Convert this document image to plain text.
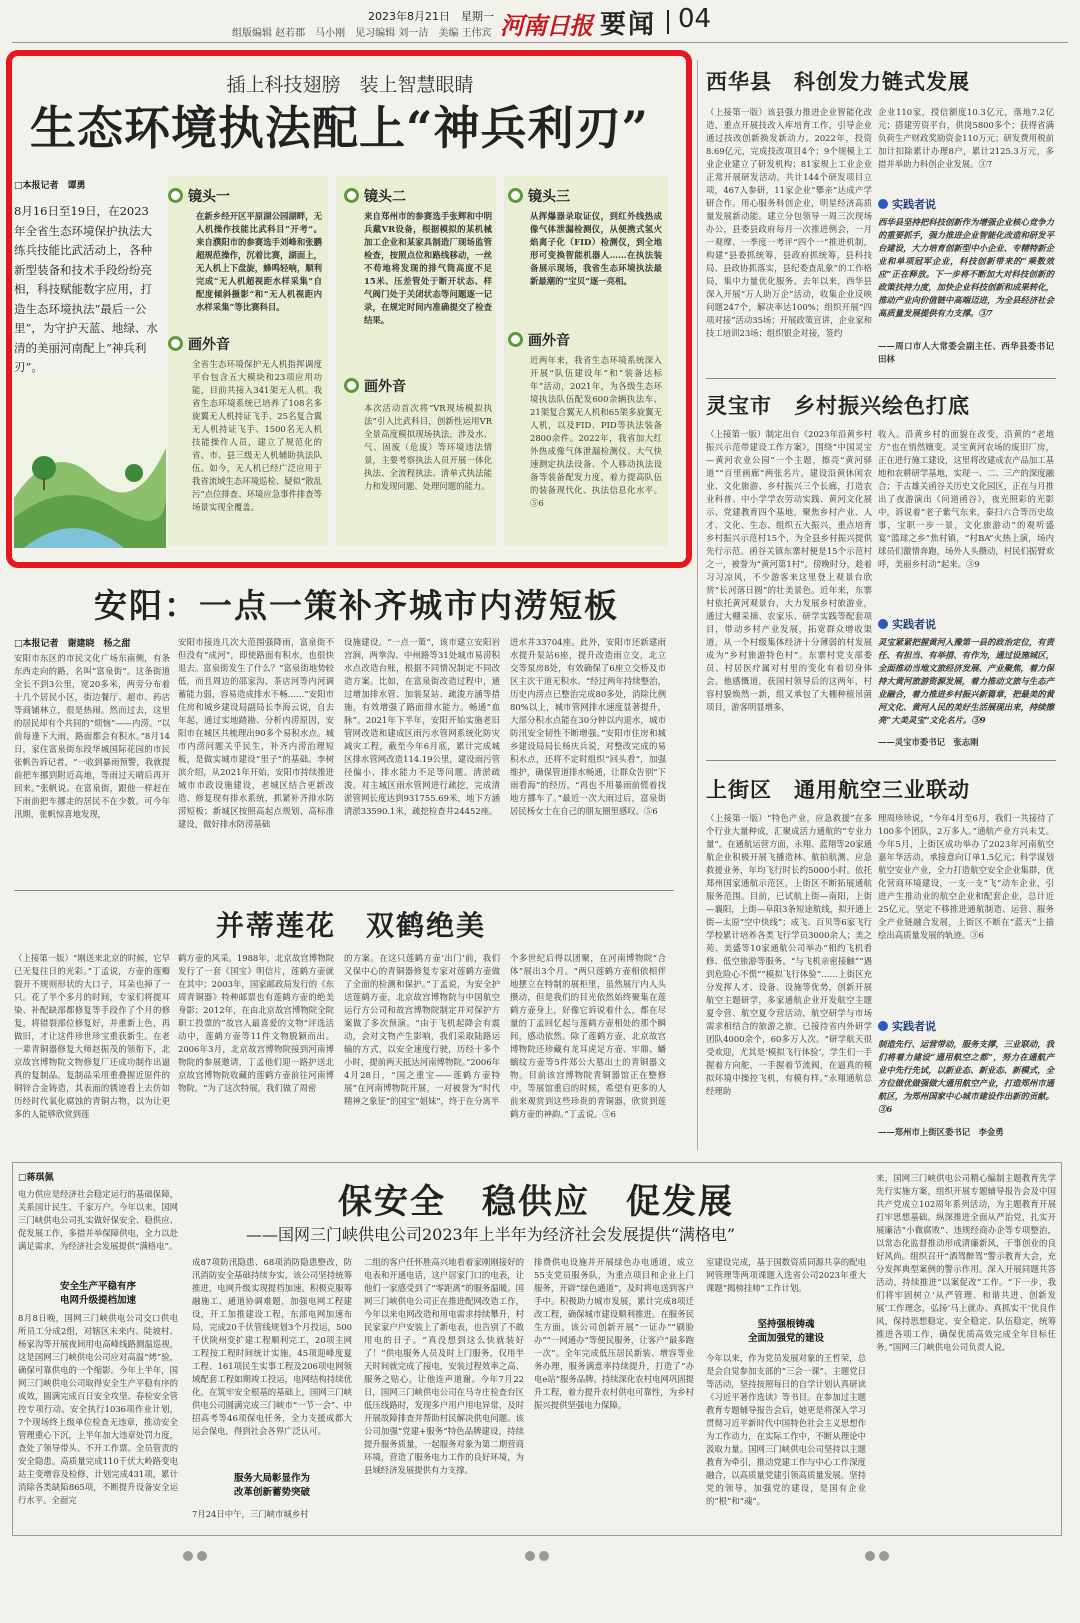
2023年8月21日　星期一
组版编辑 赵若郡　马小刚　见习编辑 刘一洁　美编 王伟宾 河南日报 要闻 04
插上科技翅膀　装上智慧眼睛
生态环境执法配上“神兵利刃”
□本报记者　谭勇
8月16日至19日，在2023年全省生态环境保护执法大练兵技能比武活动上，各种新型装备和技术手段纷纷亮相，科技赋能数字应用，打造生态环境执法“最后一公里”，为守护天蓝、地绿、水清的美丽河南配上“神兵利刃”。
镜头一
在新乡经开区平原湖公园湖畔，无人机操作技能比武科目“开考”。来自濮阳市的参赛选手刘峰和张鹏超规范操作，沉着比赛，湖面上，无人机上下盘旋，蜂鸣轻响，顺利完成“无人机超视距水样采集”自配度倾斜摄影“和”无人机视距内水样采集“等比赛科目。
画外音
全省生态环境保护无人机指挥调度平台包含五大模块和23项应用功能，目前共接入341架无人机。我省生态环境系统已培养了108名多旋翼无人机持证飞手、25名复合翼无人机持证飞手、1500名无人机技能操作人员，建立了规范化的省、市、县三级无人机辅助执法队伍。如今，无人机已经广泛应用于我省流域生态环境巡检、疑似“散乱污”点位排查、环境应急事件排查等场景实现全覆盖。
镜头二
来自郑州市的参赛选手张辉和中明兵戴VR设备，根据模拟的某机械加工企业和某家具制造厂现场监管检查，按照点位和路线移动，一丝不苟地将发现的排气筒高度不足15米、压差管处于断开状态、样气阀门处于关闭状态等问题逐一记录，在规定时间内准确提交了检查结果。
画外音
本次活动首次将“VR现场模拟执法”引入比武科目，创新性运用VR全景高度模拟现场执法，涉及水、气、固废（危废）等环境违法情景，主要考察执法人员开展一体化执法、全流程执法、清单式执法能力和发现问题、处理问题的能力。
镜头三
从挥爆器录取证仪，到红外线热成像气体泄漏检测仪，从便携式氢火焰离子化（FID）检测仪，到全地形可变换智能机器人……在执法装备展示现场，我省生态环境执法最新最潮的“宝贝”逐一亮相。
画外音
近两年来，我省生态环境系统深入开展“队伍建设年”和“装备达标年”活动，2021年，为各级生态环境执法队伍配发600余辆执法车、21架复合翼无人机和65架多旋翼无人机，以及FID、PID等执法装备2800余件。2022年，我省加大红外热成像气体泄漏检测仪、大气快速测定执法设备、个人移动执法设备等装备配发力度，着力提高队伍的装备现代化、执法信息化水平。⑤6
安阳：一点一策补齐城市内涝短板
□本报记者　谢建晓　杨之甜
安阳市东区的市民文化广场东南侧，有条东西走向的路，名叫“富泉街”。这条街道全长不到3公里，宽20多米，两旁分布着十几个居民小区，街边餐厅、超市、药店等商铺林立，很是热闹。然而过去，这里的居民却有个共同的“烦恼”——内涝。“以前每逢下大雨，路面都会有积水。”8月14日，家住富泉街东段华城国际花园的市民张帆告诉记者，“一收到暴雨预警，我就提前把车挪到附近高地，等雨过天晴后再开回来。”张帆说。在富泉街，跟他一样赶在下雨前把车挪走的居民不在少数。可今年汛期，张帆惊喜地发现，
安阳市接连几次大范围强降雨，富泉街不但没有“成河”，即使路面有积水，也很快退去。富泉街发生了什么？“富泉街地势较低，而且周边的邵家沟、茶店河等内河调蓄能力弱，容易造成排水不畅……”安阳市住房和城乡建设局副局长李海云说，自去年起，通过实地踏勘、分析内涝原因，安阳市在城区共梳理出90多个易积水点。城市内涝问题关乎民生，补齐内涝治理短板，是做实城市建设“里子”的基础。李树滨介绍，从2021年开始，安阳市持续推进城市市政设施建设，老城区结合更新改造、修复现有排水系统，抓紧补齐排水防涝短板；新城区按照高起点规划、高标准建设，做好排水防涝基础
设施建设。“一点一策”，该市建立安阳岩宫涧，两拳沟、中州路等31处城市易涝积水点改造台账，根据不同情况制定不同改造方案。比如，在富泉街改造过程中，通过增加排水管、加装泵站、疏浚方涵等措施，有效增强了路面排水能力。畅通“血脉”。2021年下半年，安阳开始实施老旧管网改造和建成区雨污水管网系统化防灾减灾工程，截至今年6月底，累计完成城区排水管网改造114.19公里，建设雨污管径偏小、排水能力不足等问题。清淤疏浚。对主城区雨水管网进行疏挖，完成清淤管网长度达到931755.69米，地下方涵清淤33590.1米，疏挖检查井24452座。
进水井33704座。此外，安阳市还新建雨水提升泵站6座，提升改造雨立交，北立交等泵房8处，有效确保了6座立交桥及市区主次干道无积水。“经过两年持续整治，历史内涝点已整治完成80多处，消除比例80%以上，城市管网排水速度显著提升，大部分积水点能在30分钟以内退水，城市防汛安全韧性不断增强。”安阳市住房和城乡建设局局长杨庆兵说，对整改完成的易积水点，还将不定时组织“回头看”，加强维护，确保管道排水畅通，让群众告别“下雨看海”的经历。“再也不用暴雨前慌着找地方挪车了。”最近一次大雨过后，富泉街居民杨女士在自己的朋友圈里感叹。⑤6
并蒂莲花　双鹤绝美
（上接第一版）“刚送来北京的时候，它早已无复往日的光彩。”丁孟说，方壶的莲瓣裂开不规则形状的大口子，耳朵也掉了一只。花了半个多月的时间，专家们将提耳染、补配缺部都修复等手段作了个月的修复，将错裂部位修复好，并重新上色，再做旧，才让这件珍世珍宝重获新生。在老一辈青铜器修复大师赵振茂的领衔下，北京故宫博物院文物修复厂还成功制作出逼真的复制品。复制品采用重叠握近原件的铜锌合金铸造，其表面的锈迹看上去仿如历经时代氧化腐蚀的青铜古物，以为让更多的人能够欣赏到莲
鹤方壶的风采。1988年，北京故宫博物院发行了一套《国宝》明信片，莲鹤方壶就在其中；2003年，国家邮政局发行的《东周青铜器》特种邮票也有莲鹤方壶的绝美身影；2012年，在由北京故宫博物院全院职工投票的“故宫人最喜爱的文物”评选活动中，莲鹤方壶等11件文物脱颖而出。2006年3月，北京故宫博物院接到河南博物院的参展邀请，丁孟他们迎一路护送北京故宫博物院收藏的莲鹤方壶前往河南博物院。“为了这次特展，我们做了周密
的方案。在这只莲鹤方壶‘出门’前，我们又保中心的青铜器修复专家对莲鹤方壶做了全面的检测和保护。”丁孟说，为安全护送莲鹤方壶，北京故宫博物院与中国航空运行方公司和故宫博物院制定并对保护方案做了多次预演。“由于飞机起降会有震动，会对文物产生影响，我们采取陆路运输的方式，以安全速度行驶，历经十多个小时，提前两天抵达河南博物院。”2006年4月28日，“国之重宝——莲鹤方壶特展”在河南博物院开展，一对被誉为“时代精神之象征”的国宝“姐妹”，终于在分离半
个多世纪后得以团聚，在河南博物院“合体”展出3个月。“两只莲鹤方壶相依相伴地摆立在特制的展柜里，虽然展厅内人头攒动，但是我们的目光依然始终聚集在莲鹤方壶身上，好像它诉说着什么，都在尽量的丁孟回忆起与莲鹤方壶相处的那个瞬间，感动依然。除了莲鹤方壶，北京故宫博物院还珍藏有龙耳虎足方壶、牢鼎、蟠螭纹方壶等5件郑公大墓出土的青铜器文物。目前该宫博物院青铜器馆正在整修中，等展馆重启的时候，希望有更多的人前来观赏到这些珍贵的青铜器，欣赏到莲鹤方壶的神韵。”丁孟说。⑤6
西华县　科创发力链式发展
（上接第一版）该县强力推进企业智能化改造，重点开展技改入库培育工作，引导企业通过技改创新换发新动力。2022年，投资8.69亿元，完成技改项目4个；9个规模上工业企业建立了研发机构；81家规上工业企业正常开展研发活动，共计144个研发项目立项，467人参研，11家企业“攀亲”达成产学研合作。用心服务科创企业，明星经济高质量发展新动能。建立分包领导一周三次现场办公，县委县政府每月一次推进例会，一月一观摩、一季度一考评“四个一”推进机制，构建“县委抓统筹，县政府抓统筹，县科技局、县政协抓落实，县纪委查乱象”的工作格局，集中力量优化服务。去年以来，西华县深入开展“万人助万企”活动，收集企业反映问题247个，解决率达100%；组织开展“四项对接”活动35场；开展政策宣讲，企业家和技工培训23场；组织银企对接，签约
企业110家，授信额度10.3亿元，落地7.2亿元；搭建劳资平台，供岗5800多个；获得省满负荷生产财政奖励资金110万元；研发费用税前加计扣除累计办理8户，累计2125.3万元，多措并举助力科创企业发展。③7
实践者说
西华县坚持把科技创新作为增强企业核心竞争力的重要抓手，强力推进企业智能化改造和研发平台建设，大力培育创新型中小企业、专精特新企业和单项冠军企业，科技创新带来的“乘数效应”正在释放。下一步将不断加大对科技创新的政策扶持力度，加快企业科技创新和成果转化，推动产业向价值链中高端迈进，为全县经济社会高质量发展提供有力支撑。③7
——周口市人大常委会副主任、西华县委书记　田林
灵宝市　乡村振兴绘色打底
（上接第一版）制定出台《2023年沿黄乡村振兴示范带建设工作方案》，围绕“中国灵宝—黄河农业公园”一个主题，擦亮“黄河驿道”“百里画廊”两张名片，建设沿黄休闲农业、文化旅游、乡村振兴三个长廊，打造农业科普、中小学学农劳动实践、黄河文化展示、党建教育四个基地，聚焦乡村产业、人才、文化、生态、组织五大振兴，重点培育乡村振兴示范村15个，为全县乡村振兴提供先行示范。函谷关镇东寨村便是15个示范村之一，被誉为“黄河第1村”。傍晚时分，趁着习习凉风，不少游客来这里登上观景台欣赏“长河落日圆”的壮美景色。近年来，东寨村依托黄河观景台，大力发展乡村旅游业，通过大棚采摘、农家乐、研学实践等配套项目，带动乡村产业发展，拓宽群众增收渠道，从一个村级集体经济十分薄弱的村发展成为“乡村旅游特色村”。东寨村党支部委员、村居医疗属对村里的变化有着切身体会。他感慨道，获国村领导后的这两年，村容村貌焕然一新，组又承包了大棚种植吊菌项目，游客明显增多，
收入。沿黄乡村的面貌在改变，沿黄的“老地方”也在悄然嬗变。灵宝黄河农场的废旧厂房，正在进行施工建设，这里将改建成农产品加工基地和农耕研学基地，实现一、二、三产的深度融合；千古雄关函谷关历史文化园区，正在与月推出了夜游演出《问道函谷》，夜光照彩的光影中，诉说着“老子紫气东来，秦扫六合等历史故事，宝职一步一景，文化旅游动“的观听盛宴“篮球之乡”焦村镇，“村BA”火热上演，场内球员们激情奔跑，场外人头攒动，村民们振臂欢呼，美丽乡村动“起来。③9
实践者说
灵宝紧紧把握黄河入豫第一县的政治定位，有责任、有担当、有举措、有作为，通过设施城区，全面推动当地文旅经济发展、产业聚焦，着力保持大黄河旅游资源发展，着力推动文旅与生态产业融合，着力推进乡村振兴新篇章，把最美的黄河文化、黄河人民的美好生活展现出来，持续擦亮“大美灵宝”文化名片。③9
——灵宝市委书记　张志刚
上街区　通用航空三业联动
（上接第一版）“特色产业，应急救援”在多个行业大量种成，汇聚成活力通航的“专业力量”。在通航运营方面，永翔、蓝翔等20家通航企业积极开展飞播造林、航拍航测、应急救援业务，年均飞行时长约5000小时。依托郑州国家通航示范区，上街区不断拓展通航服务范围。目前，已试航上街—南阳，上街—襄阳，上街—阜阳3条短途航线，拟开通上街—太原“空中快线”；成飞、百贝等6家飞行学校累计培养各类飞行学员3000余人；美之苑、美盛等10家通航公司举办“相约飞机看修、低空旅游等服务。“与飞机亲密接触”“遇到危险心不慌”“模拟飞行体验”……上街区充分发挥人才、设备、设施等优势，创新开展航空主题研学，多家通航企业开发航空主题夏令营、航空夏令营活动，航空研学与市场需求相结合的旅游之旅，已接待省内外研学团队4000余个，60多万人次。“研学航天很受欢迎，尤其是‘模拟飞行体验’，学生们一手握着方向舵，一手握着节流阀，在逼真的模拟环境中操控飞机，有模有样。”永翔通航总经理助
理周珍珍说，“今年4月至6月，我们一共接待了100多个团队，2万多人。”通航产业方兴未艾。今年5月，上街区成功举办了2023年河南航空嘉年华活动，承接意向订单1.5亿元；科学谋划航空安业产业，全力打造航空安全企业集群，优化营商环境建设，一支一支“飞”动车企业，引进产生推动业的航空企业和配套企业，总计近25亿元。坚定不移推进通航制造、运营、服务全产业链融合发展，上街区不断在“蓝天”上描绘出高质量发展的轨迹。③6
实践者说
制造先行、运营带动，服务支撑，三业联动，我们将着力建设“通用航空之都”，努力在通航产业中先行先试，以新业态、新业态、新模式，全方位做优做强做大通用航空产业，打造郑州市通航区，为郑州国家中心城市建设作出新的贡献。③6
——郑州市上街区委书记　李金勇
□蒋琪佩
保安全　稳供应　促发展
——国网三门峡供电公司2023年上半年为经济社会发展提供“满格电”
电力供应是经济社会稳定运行的基础保障，关系国计民生、千家万户。今年以来，国网三门峡供电公司扎实做好保安全、稳供应、促发展工作，多措并举保障供电，全力以赴满足需求，为经济社会发展提供“满格电”。
安全生产平稳有序
电网升级提档加速
8月8日晚，国网三门峡供电公司交口供电所员工分成2组，对辖区未来内、陡坡村、杨家沟等开展夜间用电高峰线路测温巡视，这是国网三门峡供电公司应对高温“烤”验，确保可靠供电的一个缩影。今年上半年，国网三门峡供电公司取得安全生产平稳有序的成效，圆满完成百日安全攻坚、春检安全管控专项行动。安全执行1036项作业计划，7个现场终上级单位检查无违章，推动安全管理重心下沉，上半年加大违章处罚力度，查处了领导带头、不开工作票、全员管责的安全隐患。高质量完成110千伏大岭路变电站主变增容及检修，计划完成431项，累计消除各类缺陷865项，不断提升设备安全运行水平。全面完
成87项防汛隐患、68项消防隐患整改，防汛消防安全基础持续夯实。该公司坚持统筹推进，电网升级实现提档加速。积极克服筹融施工、通道协调难题，加强电网工程建设，开工加推建设工程，东部电网加速布局，完成20千伏管线规划3个月投运，500千伏陕州变扩建工程顺利完工，20项主网工程按工程时间统计实施，45项迎峰度夏工程、161项民生实事工程及206项电网领域配套工程如期竣工投运，电网结构持续优化。在筑牢安全根基的基础上，国网三门峡供电公司圆满完成三门峡市“一节一会”、中招高考等46项保电任务，全力支援成都大运会保电，得到社会各界广泛认可。
服务大局彰显作为
改革创新蓄势突破
7月24日中午，三门峡市城乡村
二组的客户任怀胜高兴地看着家刚刚接好的电表和开通电话，这户居家门口的电表，让他们一家感受到了“零距离”的服务温暖。国网三门峡供电公司正在推进配网改造工作，今年以来电网改造和用电需求持续攀升，村民家家户户安装上了新电表，也告别了不敢用电的日子。“真没想到这么快就装好了！”供电服务人员及时上门服务，仅用半天时间就完成了接电，安装过程效率之高、服务之贴心，让他连声道谢。今年7月22日，国网三门峡供电公司在马寺庄检查台区低压线路时，发现多户用户用电异常，及时开展故障排查并帮助村民解决供电问题。该公司加强“党建+服务”特色品牌建设，持续提升服务质量，一起服务对象为第二期营商环境，营造了服务电力工作的良好环境，为县域经济发展提供有力支撑。
排费供电设施并开展绿色办电通道，成立55支党员服务队，为重点项目和企业上门服务，开辟“绿色通道”，及时将电送到客户手中。积极助力城市发展，累计完成8项迁改工程，确保城市建设顺利推进。在服务民生方面，该公司创新开展“一证办”“刷脸办”“一网通办”等便民服务，让客户“最多跑一次”。全年完成低压居民新装、增容等业务办理，服务满意率持续提升，打造了“办电e站”服务品牌。持续深化农村电网巩固提升工程，着力提升农村供电可靠性，为乡村振兴提供坚强电力保障。
室建设完成，基于国数资质同源共享的配电网管理等两项课题入选省公司2023年重大课题“揭榜挂帅”工作计划。
坚持强根铸魂
全面加强党的建设
今年以来，作为党员发展对象的王哲荣，总是会自觉参加支部的“三会一课”、主题党日等活动，坚持按照每日的自学计划认真研读《习近平著作选读》等书目。在参加过主题教育专题辅导报告会后，她更是将深入学习贯彻习近平新时代中国特色社会主义思想作为工作动力，在实际工作中，不断从理论中汲取力量。国网三门峡供电公司坚持以主题教育为牵引，推动党建工作与中心工作深度融合，以高质量党建引领高质量发展。坚持党的领导，加强党的建设，是国有企业的“根”和“魂”。
来，国网三门峡供电公司精心编制主题教育先学先行实施方案，组织开展专题辅导报告会及中国共产党成立102周年系列活动，为主题教育开展打牢思想基础。纵深推进全面从严治党，扎实开展廉洁“小微腐败”、违规经商办企等专项整治，以常态化监督推动形成清廉新风，干事创业的良好风尚。组织召开“酒驾醉驾”警示教育大会，充分发挥典型案例的警示作用。深入开展同题共答活动，持续推进“以案促改”工作。“下一步，我们将牢固树立‘从严管理、和谐共进、创新发展’工作理念，弘扬‘马上就办、真抓实干’优良作风，保持思想稳定、安全稳定、队伍稳定，统筹推进各项工作，确保优质高效完成全年目标任务。”国网三门峡供电公司负责人说。
